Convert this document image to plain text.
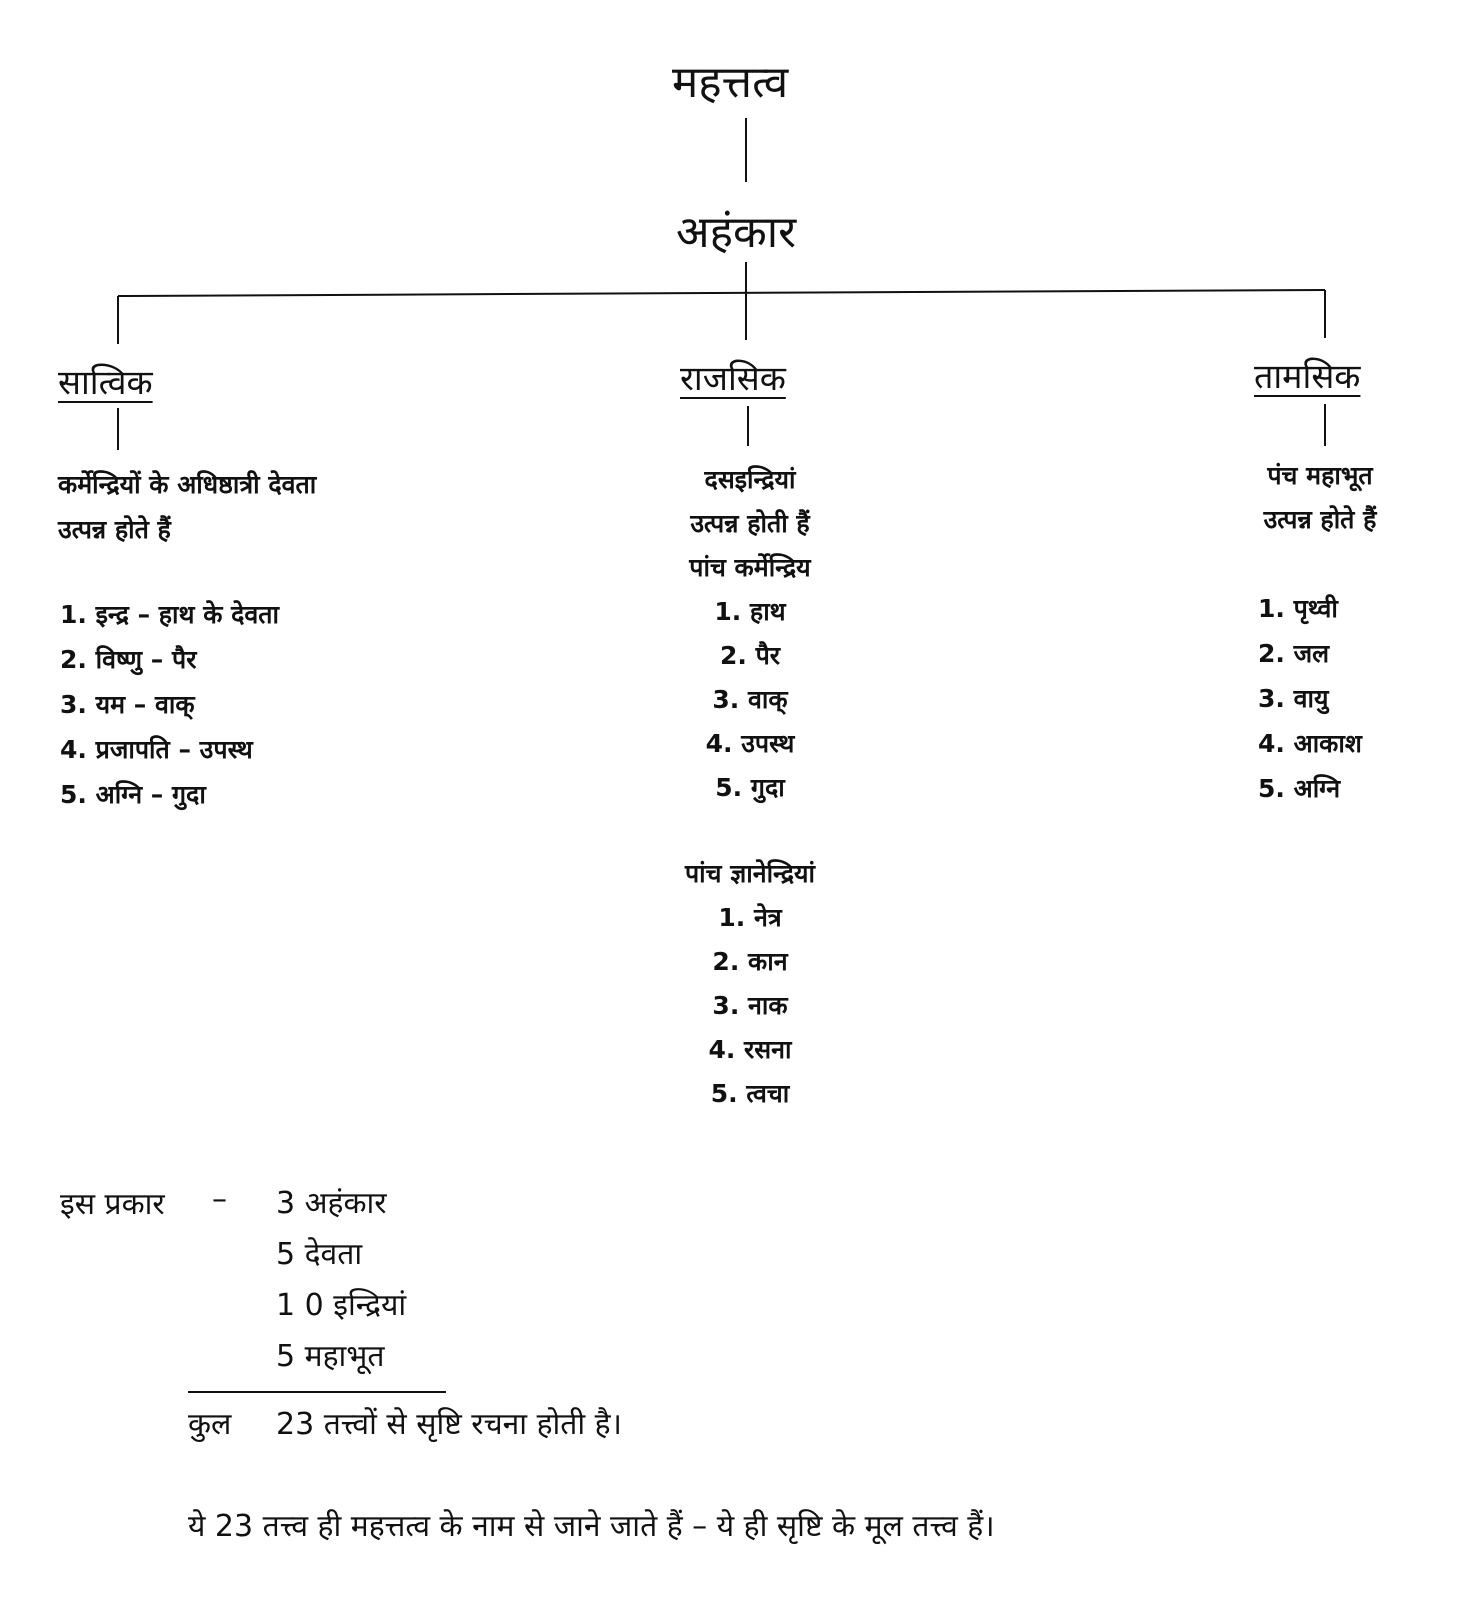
महत्तत्व
अहंकार
सात्विक	राजसिक	तामसिक
कर्मेन्द्रियों के अधिष्ठात्री देवता
उत्पन्न होते हैं
1. इन्द्र – हाथ के देवता
2. विष्णु – पैर
3. यम – वाक्
4. प्रजापति – उपस्थ
5. अग्नि – गुदा
दसइन्द्रियां
उत्पन्न होती हैं
पांच कर्मेन्द्रिय
1. हाथ
2. पैर
3. वाक्
4. उपस्थ
5. गुदा
पांच ज्ञानेन्द्रियां
1. नेत्र
2. कान
3. नाक
4. रसना
5. त्वचा
पंच महाभूत
उत्पन्न होते हैं
1. पृथ्वी
2. जल
3. वायु
4. आकाश
5. अग्नि
इस प्रकार – 3 अहंकार
5 देवता
1 0 इन्द्रियां
5 महाभूत
कुल 23 तत्त्वों से सृष्टि रचना होती है।
ये 23 तत्त्व ही महत्तत्व के नाम से जाने जाते हैं – ये ही सृष्टि के मूल तत्त्व हैं।
